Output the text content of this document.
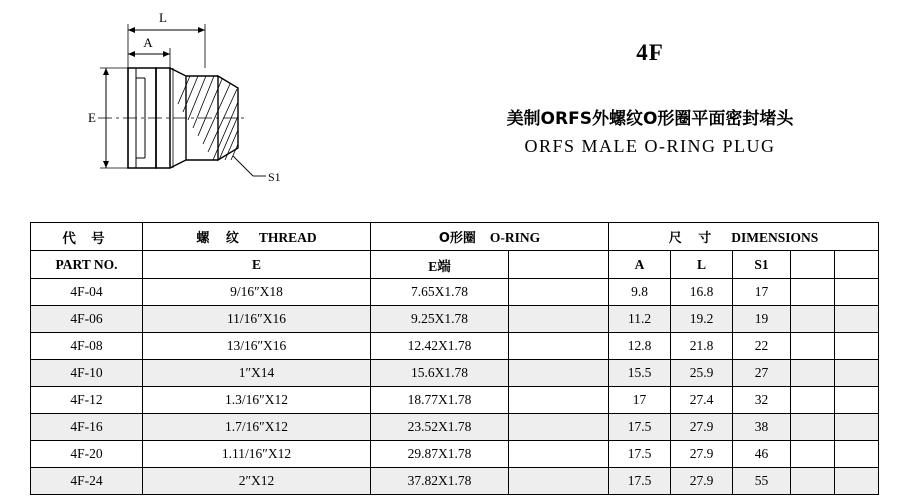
L
A
E
S1
4F
美制ORFS外螺纹O形圈平面密封堵头
ORFS MALE O-RING PLUG
代 号	螺 纹 THREAD	O形圈 O-RING		尺 寸 DIMENSIONS				
PART NO.	E	E端		A	L	S1		
4F-04	9/16″X18	7.65X1.78		9.8	16.8	17		
4F-06	11/16″X16	9.25X1.78		11.2	19.2	19		
4F-08	13/16″X16	12.42X1.78		12.8	21.8	22		
4F-10	1″X14	15.6X1.78		15.5	25.9	27		
4F-12	1.3/16″X12	18.77X1.78		17	27.4	32		
4F-16	1.7/16″X12	23.52X1.78		17.5	27.9	38		
4F-20	1.11/16″X12	29.87X1.78		17.5	27.9	46		
4F-24	2″X12	37.82X1.78		17.5	27.9	55		
